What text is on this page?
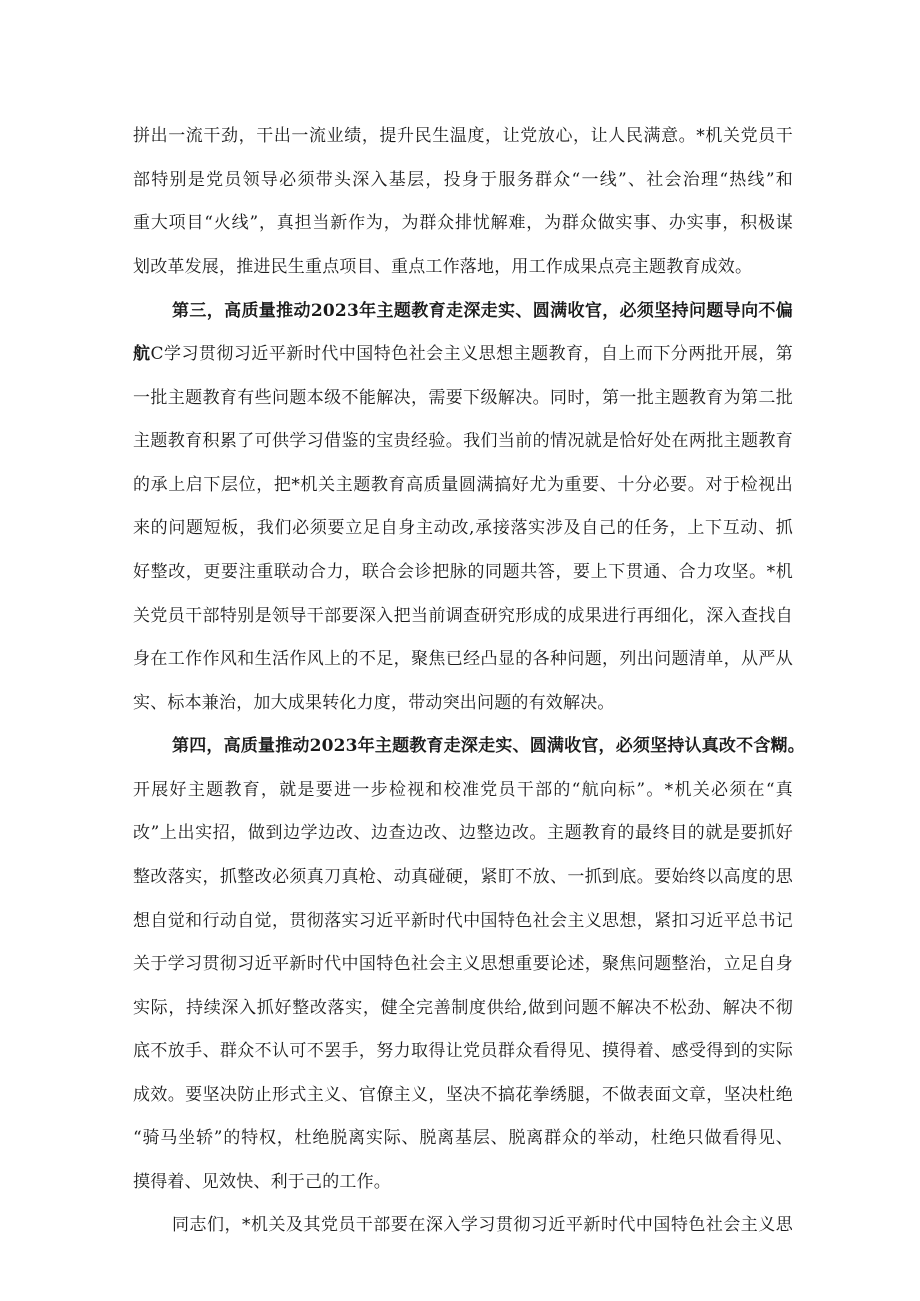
拼出一流干劲，干出一流业绩，提升民生温度，让党放心，让人民满意。*机关党员干
部特别是党员领导必须带头深入基层，投身于服务群众“一线”、社会治理“热线”和
重大项目“火线”，真担当新作为，为群众排忧解难，为群众做实事、办实事，积极谋
划改革发展，推进民生重点项目、重点工作落地，用工作成果点亮主题教育成效。
第三，高质量推动2023年主题教育走深走实、圆满收官，必须坚持问题导向不偏
航C学习贯彻习近平新时代中国特色社会主义思想主题教育，自上而下分两批开展，第
一批主题教育有些问题本级不能解决，需要下级解决。同时，第一批主题教育为第二批
主题教育积累了可供学习借鉴的宝贵经验。我们当前的情况就是恰好处在两批主题教育
的承上启下层位，把*机关主题教育高质量圆满搞好尤为重要、十分必要。对于检视出
来的问题短板，我们必须要立足自身主动改,承接落实涉及自己的任务，上下互动、抓
好整改，更要注重联动合力，联合会诊把脉的同题共答，要上下贯通、合力攻坚。*机
关党员干部特别是领导干部要深入把当前调查研究形成的成果进行再细化，深入查找自
身在工作作风和生活作风上的不足，聚焦已经凸显的各种问题，列出问题清单，从严从
实、标本兼治，加大成果转化力度，带动突出问题的有效解决。
第四，高质量推动2023年主题教育走深走实、圆满收官，必须坚持认真改不含糊。
开展好主题教育，就是要进一步检视和校准党员干部的“航向标”。*机关必须在“真
改”上出实招，做到边学边改、边查边改、边整边改。主题教育的最终目的就是要抓好
整改落实，抓整改必须真刀真枪、动真碰硬，紧盯不放、一抓到底。要始终以高度的思
想自觉和行动自觉，贯彻落实习近平新时代中国特色社会主义思想，紧扣习近平总书记
关于学习贯彻习近平新时代中国特色社会主义思想重要论述，聚焦问题整治，立足自身
实际，持续深入抓好整改落实，健全完善制度供给,做到问题不解决不松劲、解决不彻
底不放手、群众不认可不罢手，努力取得让党员群众看得见、摸得着、感受得到的实际
成效。要坚决防止形式主义、官僚主义，坚决不搞花拳绣腿，不做表面文章，坚决杜绝
“骑马坐轿”的特权，杜绝脱离实际、脱离基层、脱离群众的举动，杜绝只做看得见、
摸得着、见效快、利于己的工作。
同志们，*机关及其党员干部要在深入学习贯彻习近平新时代中国特色社会主义思
